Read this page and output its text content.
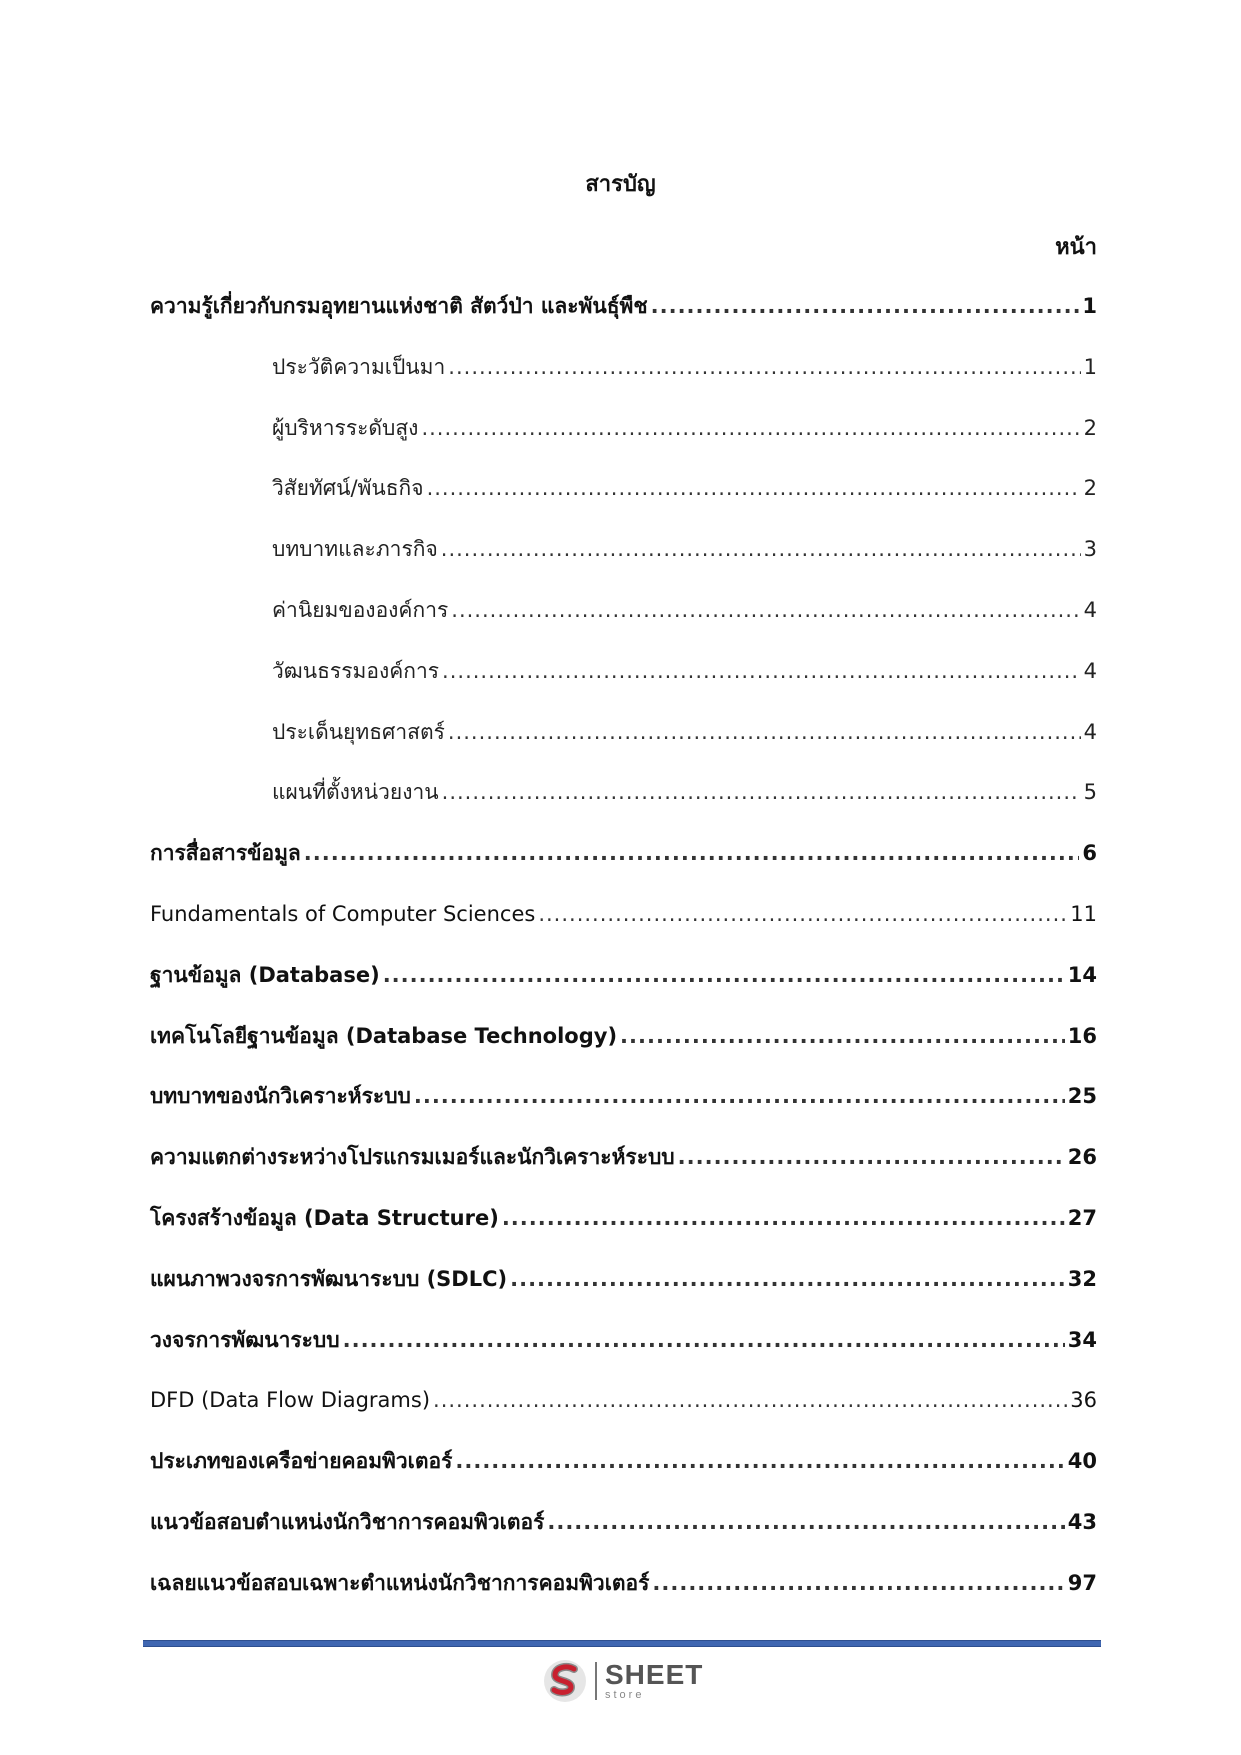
สารบัญ
หน้า
ความรู้เกี่ยวกับกรมอุทยานแห่งชาติ สัตว์ป่า และพันธุ์พืช .....	1
ประวัติความเป็นมา .....	1
ผู้บริหารระดับสูง .....	2
วิสัยทัศน์/พันธกิจ .....	2
บทบาทและภารกิจ .....	3
ค่านิยมขององค์การ .....	4
วัฒนธรรมองค์การ .....	4
ประเด็นยุทธศาสตร์ .....	4
แผนที่ตั้งหน่วยงาน .....	5
การสื่อสารข้อมูล .....	6
Fundamentals of Computer Sciences .....	11
ฐานข้อมูล (Database) .....	14
เทคโนโลยีฐานข้อมูล (Database Technology) .....	16
บทบาทของนักวิเคราะห์ระบบ .....	25
ความแตกต่างระหว่างโปรแกรมเมอร์และนักวิเคราะห์ระบบ .....	26
โครงสร้างข้อมูล (Data Structure) .....	27
แผนภาพวงจรการพัฒนาระบบ (SDLC) .....	32
วงจรการพัฒนาระบบ .....	34
DFD (Data Flow Diagrams) .....	36
ประเภทของเครือข่ายคอมพิวเตอร์ .....	40
แนวข้อสอบตำแหน่งนักวิชาการคอมพิวเตอร์ .....	43
เฉลยแนวข้อสอบเฉพาะตำแหน่งนักวิชาการคอมพิวเตอร์ .....	97
SHEET
store
